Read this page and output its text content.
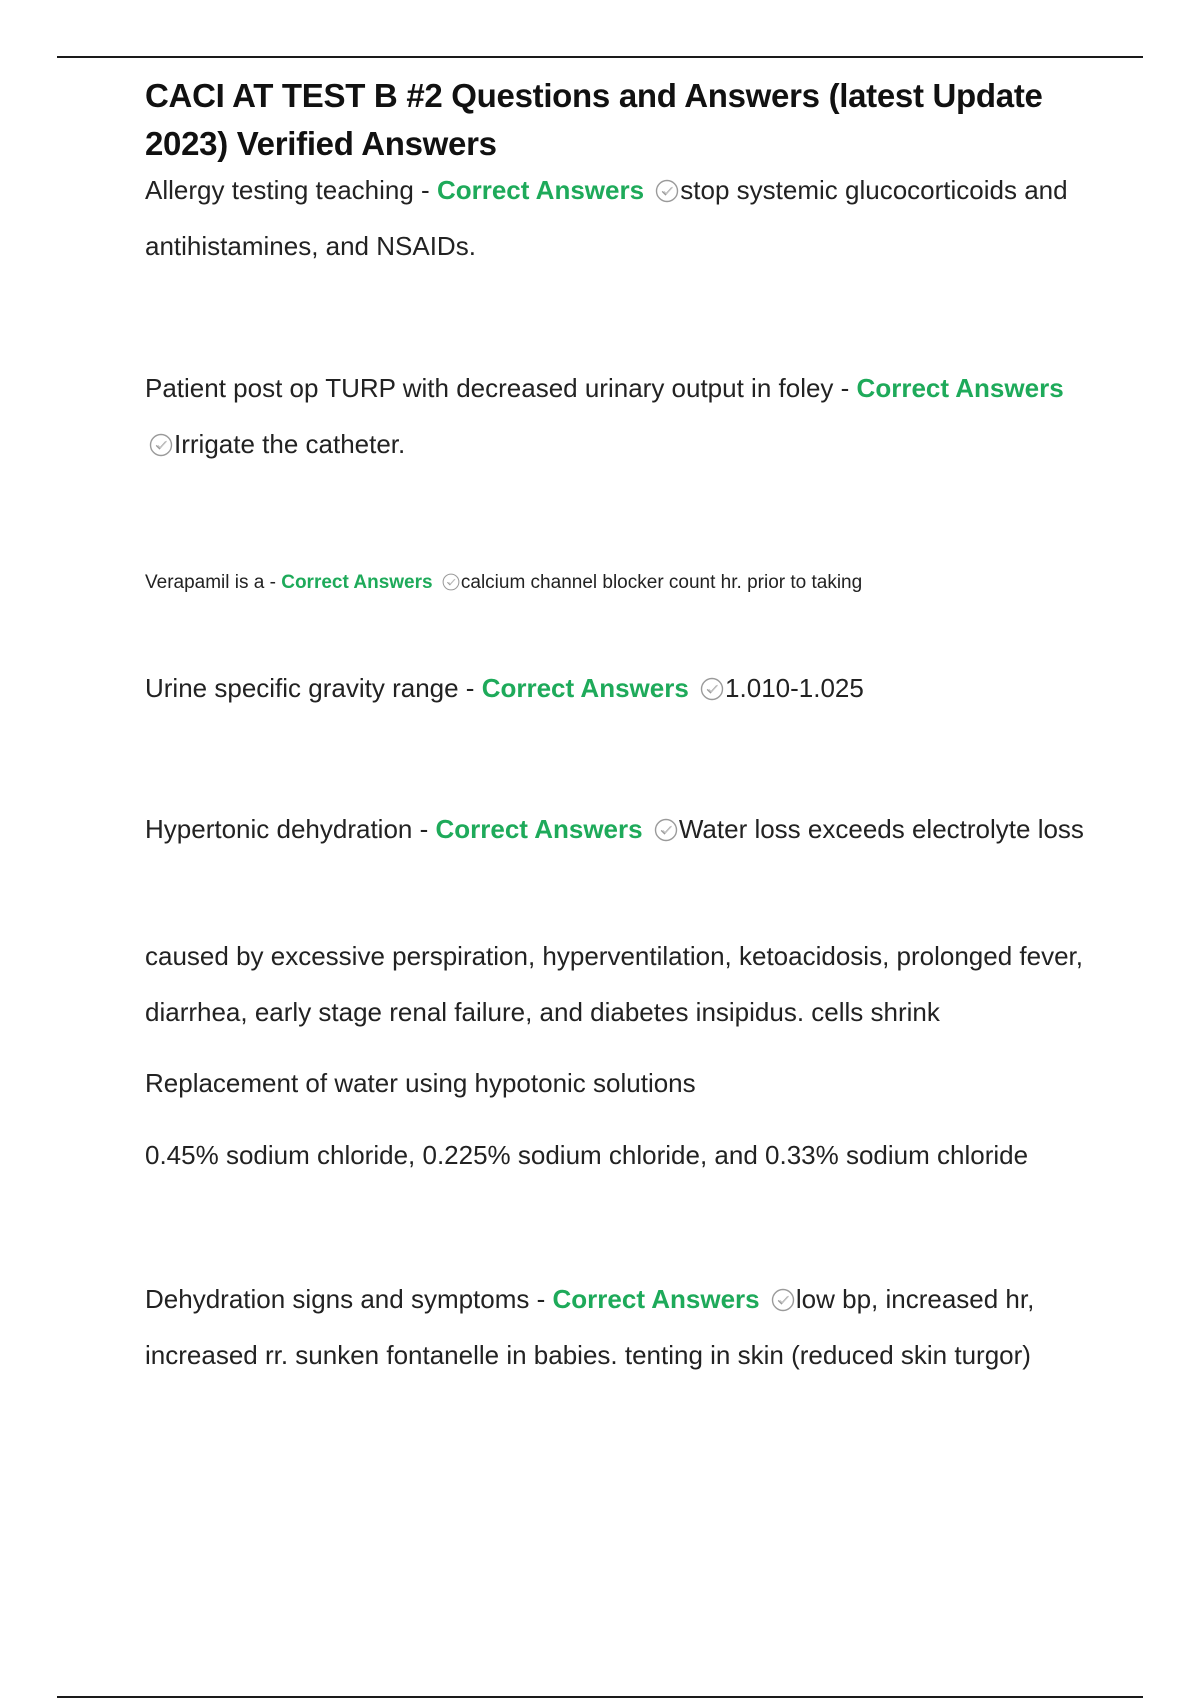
CACI AT TEST B #2 Questions and Answers (latest Update 2023) Verified Answers
Allergy testing teaching - Correct Answers stop systemic glucocorticoids and antihistamines, and NSAIDs.
Patient post op TURP with decreased urinary output in foley - Correct Answers Irrigate the catheter.
Verapamil is a - Correct Answers calcium channel blocker count hr. prior to taking
Urine specific gravity range - Correct Answers 1.010-1.025
Hypertonic dehydration - Correct Answers Water loss exceeds electrolyte loss
caused by excessive perspiration, hyperventilation, ketoacidosis, prolonged fever, diarrhea, early stage renal failure, and diabetes insipidus. cells shrink
Replacement of water using hypotonic solutions
0.45% sodium chloride, 0.225% sodium chloride, and 0.33% sodium chloride
Dehydration signs and symptoms - Correct Answers low bp, increased hr, increased rr. sunken fontanelle in babies. tenting in skin (reduced skin turgor)
